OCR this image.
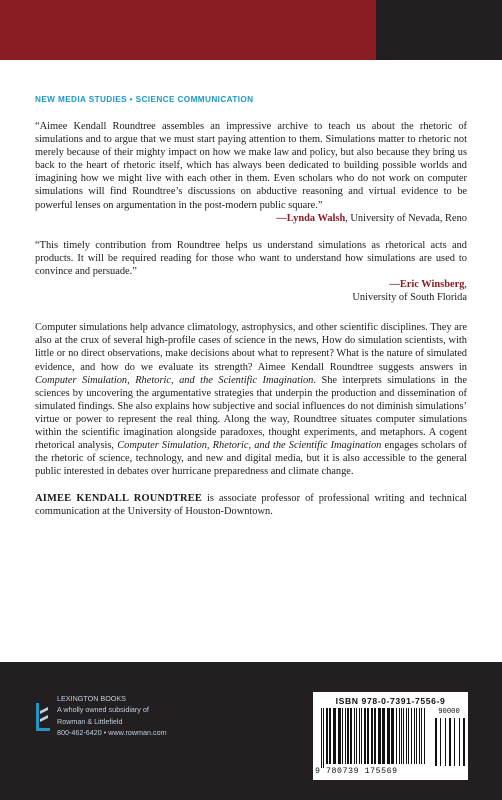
NEW MEDIA STUDIES • SCIENCE COMMUNICATION

“Aimee Kendall Roundtree assembles an impressive archive to teach us about the rhetoric of simulations and to argue that we must start paying attention to them. Simulations matter to rhetoric not merely because of their mighty impact on how we make law and policy, but also because they bring us back to the heart of rhetoric itself, which has always been dedicated to building possible worlds and imagining how we might live with each other in them. Even scholars who do not work on computer simulations will find Roundtree’s discussions on abductive reasoning and virtual evidence to be powerful lenses on argumentation in the post-modern public square.”

—Lynda Walsh, University of Nevada, Reno

“This timely contribution from Roundtree helps us understand simulations as rhetorical acts and products. It will be required reading for those who want to understand how simulations are used to convince and persuade.”

—Eric Winsberg,

University of South Florida

Computer simulations help advance climatology, astrophysics, and other scientific disciplines. They are also at the crux of several high-profile cases of science in the news, How do simulation scientists, with little or no direct observations, make decisions about what to represent? What is the nature of simulated evidence, and how do we evaluate its strength? Aimee Kendall Roundtree suggests answers in Computer Simulation, Rhetoric, and the Scientific Imagination. She interprets simulations in the sciences by uncovering the argumentative strategies that underpin the production and dissemination of simulated findings. She also explains how subjective and social influences do not diminish simulations’ virtue or power to represent the real thing. Along the way, Roundtree situates computer simulations within the scientific imagination alongside paradoxes, thought experiments, and metaphors. A cogent rhetorical analysis, Computer Simulation, Rhetoric, and the Scientific Imagination engages scholars of the rhetoric of science, technology, and new and digital media, but it is also accessible to the general public interested in debates over hurricane preparedness and climate change.

AIMEE KENDALL ROUNDTREE is associate professor of professional writing and technical communication at the University of Houston-Downtown.

LEXINGTON BOOKS
A wholly owned subsidiary of
Rowman & Littlefield
800-462-6420 • www.rowman.com
ISBN 978-0-7391-7556-9
90000
9 780739 175569
